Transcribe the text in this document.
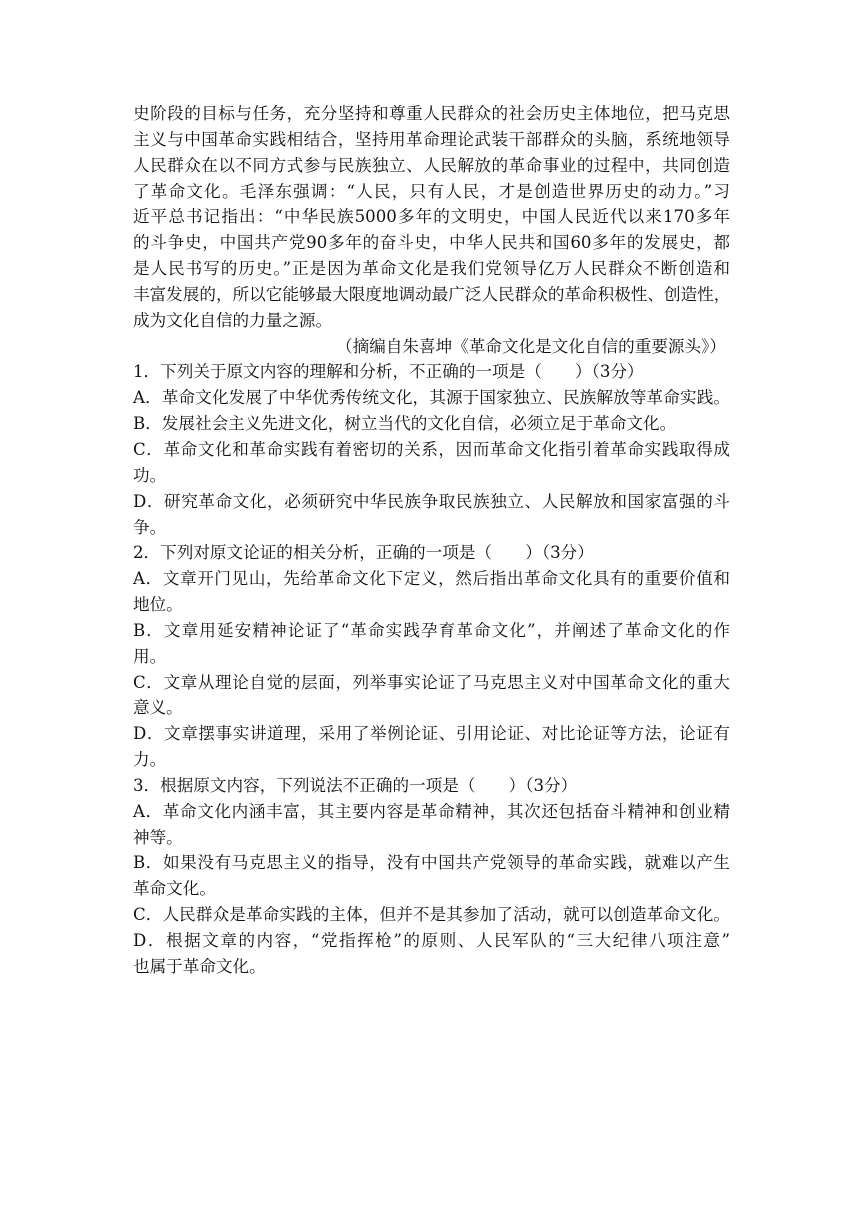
史阶段的目标与任务，充分坚持和尊重人民群众的社会历史主体地位，把马克思
主义与中国革命实践相结合，坚持用革命理论武装干部群众的头脑，系统地领导
人民群众在以不同方式参与民族独立、人民解放的革命事业的过程中，共同创造
了革命文化。毛泽东强调：“人民，只有人民，才是创造世界历史的动力。”习
近平总书记指出：“中华民族5000多年的文明史，中国人民近代以来170多年
的斗争史，中国共产党90多年的奋斗史，中华人民共和国60多年的发展史，都
是人民书写的历史。”正是因为革命文化是我们党领导亿万人民群众不断创造和
丰富发展的，所以它能够最大限度地调动最广泛人民群众的革命积极性、创造性，
成为文化自信的力量之源。
（摘编自朱喜坤《革命文化是文化自信的重要源头》）
1．下列关于原文内容的理解和分析，不正确的一项是（　　）（3分）
A．革命文化发展了中华优秀传统文化，其源于国家独立、民族解放等革命实践。
B．发展社会主义先进文化，树立当代的文化自信，必须立足于革命文化。
C．革命文化和革命实践有着密切的关系，因而革命文化指引着革命实践取得成
功。
D．研究革命文化，必须研究中华民族争取民族独立、人民解放和国家富强的斗
争。
2．下列对原文论证的相关分析，正确的一项是（　　）（3分）
A．文章开门见山，先给革命文化下定义，然后指出革命文化具有的重要价值和
地位。
B．文章用延安精神论证了“革命实践孕育革命文化”，并阐述了革命文化的作
用。
C．文章从理论自觉的层面，列举事实论证了马克思主义对中国革命文化的重大
意义。
D．文章摆事实讲道理，采用了举例论证、引用论证、对比论证等方法，论证有
力。
3．根据原文内容，下列说法不正确的一项是（　　）（3分）
A．革命文化内涵丰富，其主要内容是革命精神，其次还包括奋斗精神和创业精
神等。
B．如果没有马克思主义的指导，没有中国共产党领导的革命实践，就难以产生
革命文化。
C．人民群众是革命实践的主体，但并不是其参加了活动，就可以创造革命文化。
D．根据文章的内容，“党指挥枪”的原则、人民军队的“三大纪律八项注意”
也属于革命文化。
